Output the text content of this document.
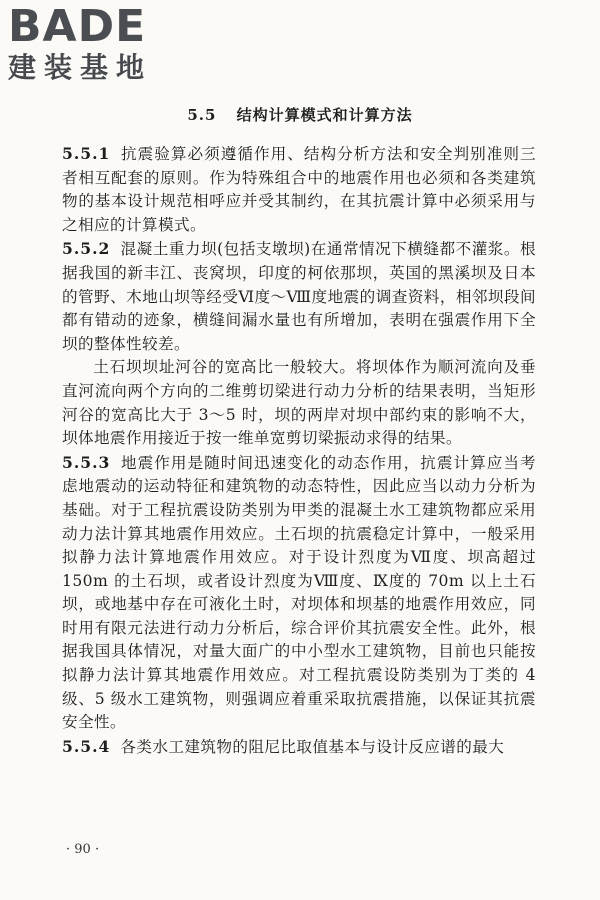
BADE
建装基地
5.5 结构计算模式和计算方法

5.5.1 抗震验算必须遵循作用、结构分析方法和安全判别准则三者相互配套的原则。作为特殊组合中的地震作用也必须和各类建筑物的基本设计规范相呼应并受其制约，在其抗震计算中必须采用与之相应的计算模式。

5.5.2 混凝土重力坝(包括支墩坝)在通常情况下横缝都不灌浆。根据我国的新丰江、丧窝坝，印度的柯依那坝，英国的黑溪坝及日本的管野、木地山坝等经受Ⅵ度～Ⅷ度地震的调查资料，相邻坝段间都有错动的迹象，横缝间漏水量也有所增加，表明在强震作用下全坝的整体性较差。

土石坝坝址河谷的宽高比一般较大。将坝体作为顺河流向及垂直河流向两个方向的二维剪切梁进行动力分析的结果表明，当矩形河谷的宽高比大于 3～5 时，坝的两岸对坝中部约束的影响不大，坝体地震作用接近于按一维单宽剪切梁振动求得的结果。

5.5.3 地震作用是随时间迅速变化的动态作用，抗震计算应当考虑地震动的运动特征和建筑物的动态特性，因此应当以动力分析为基础。对于工程抗震设防类别为甲类的混凝土水工建筑物都应采用动力法计算其地震作用效应。土石坝的抗震稳定计算中，一般采用拟静力法计算地震作用效应。对于设计烈度为Ⅶ度、坝高超过 150m 的土石坝，或者设计烈度为Ⅷ度、Ⅸ度的 70m 以上土石坝，或地基中存在可液化土时，对坝体和坝基的地震作用效应，同时用有限元法进行动力分析后，综合评价其抗震安全性。此外，根据我国具体情况，对量大面广的中小型水工建筑物，目前也只能按拟静力法计算其地震作用效应。对工程抗震设防类别为丁类的 4 级、5 级水工建筑物，则强调应着重采取抗震措施，以保证其抗震安全性。

5.5.4 各类水工建筑物的阻尼比取值基本与设计反应谱的最大

· 90 ·
